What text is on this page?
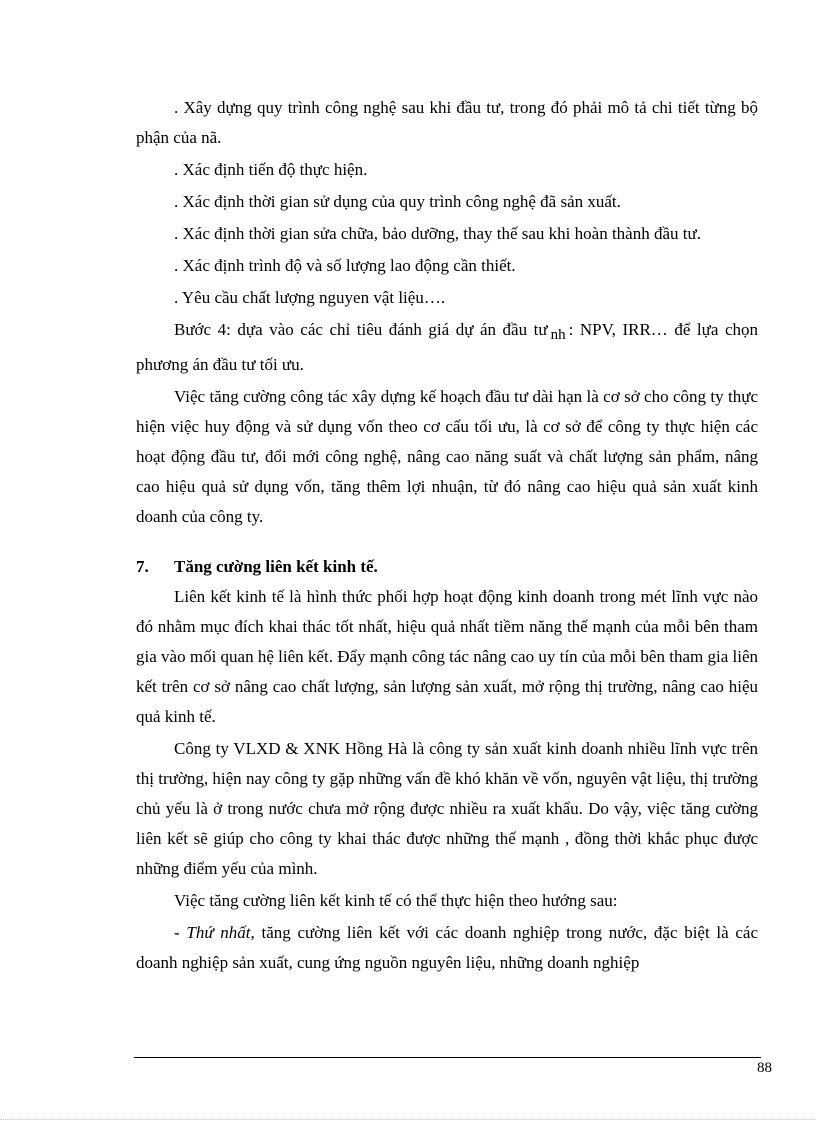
. Xây dựng quy trình công nghệ sau khi đầu tư, trong đó phải mô tả chi tiết từng bộ phận của nã.

. Xác định tiến độ thực hiện.

. Xác định thời gian sử dụng của quy trình công nghệ đã sản xuất.

. Xác định thời gian sửa chữa, bảo dưỡng, thay thế sau khi hoàn thành đầu tư.

. Xác định trình độ và số lượng lao động cần thiết.

. Yêu cầu chất lượng nguyen vật liệu….

Bước 4: dựa vào các chỉ tiêu đánh giá dự án đầu tư nh : NPV, IRR… để lựa chọn phương án đầu tư tối ưu.

Việc tăng cường công tác xây dựng kế hoạch đầu tư dài hạn là cơ sở cho công ty thực hiện việc huy động và sử dụng vốn theo cơ cấu tối ưu, là cơ sở để công ty thực hiện các hoạt động đầu tư, đổi mới công nghệ, nâng cao năng suất và chất lượng sản phẩm, nâng cao hiệu quả sử dụng vốn, tăng thêm lợi nhuận, từ đó nâng cao hiệu quả sản xuất kinh doanh của công ty.

7.	Tăng cường liên kết kinh tế.

Liên kết kinh tế là hình thức phối hợp hoạt động kinh doanh trong mét lĩnh vực nào đó nhằm mục đích khai thác tốt nhất, hiệu quả nhất tiềm năng thế mạnh của mỗi bên tham gia vào mối quan hệ liên kết. Đẩy mạnh công tác nâng cao uy tín của mỗi bên tham gia liên kết trên cơ sở nâng cao chất lượng, sản lượng sản xuất, mở rộng thị trường, nâng cao hiệu quả kinh tế.

Công ty VLXD & XNK Hồng Hà là công ty sản xuất kinh doanh nhiều lĩnh vực trên thị trường, hiện nay công ty gặp những vấn đề khó khăn về vốn, nguyên vật liệu, thị trường chủ yếu là ở trong nước chưa mở rộng được nhiều ra xuất khẩu. Do vậy, việc tăng cường liên kết sẽ giúp cho công ty khai thác được những thế mạnh , đồng thời khắc phục được những điểm yếu của mình.

Việc tăng cường liên kết kinh tế có thể thực hiện theo hướng sau:

- Thứ nhất, tăng cường liên kết với các doanh nghiệp trong nước, đặc biệt là các doanh nghiệp sản xuất, cung ứng nguồn nguyên liệu, những doanh nghiệp

88
